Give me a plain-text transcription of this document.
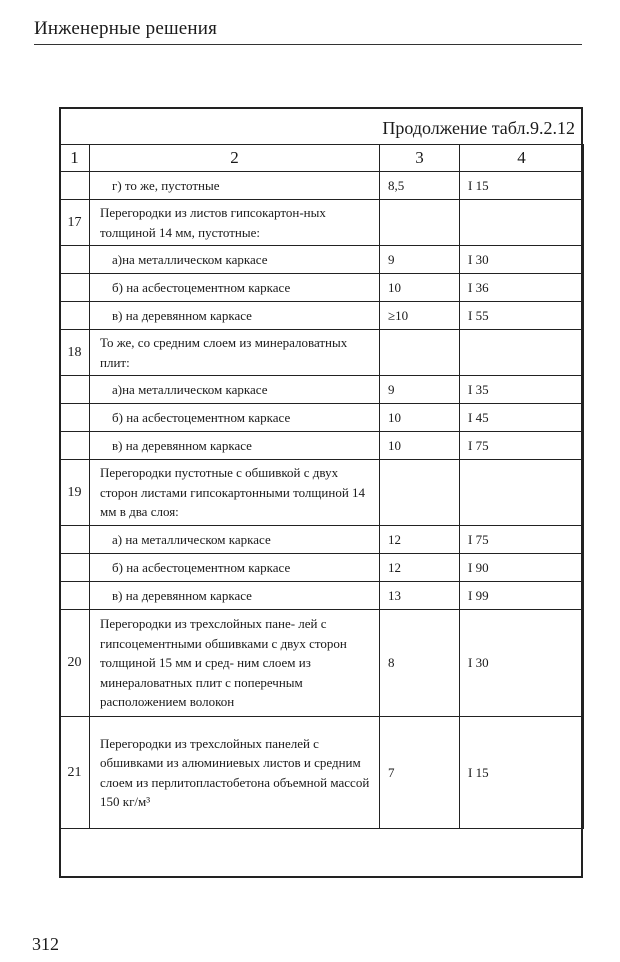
Инженерные решения
Продолжение табл.9.2.12
1	2	3	4
	г) то же, пустотные	8,5	I 15
17	Перегородки из листов гипсокартон-ных толщиной 14 мм, пустотные:		
	а)на металлическом каркасе	9	I 30
	б) на асбестоцементном каркасе	10	I 36
	в) на деревянном каркасе	≥10	I 55
18	То же, со средним слоем из минераловатных плит:		
	а)на металлическом каркасе	9	I 35
	б) на асбестоцементном каркасе	10	I 45
	в) на деревянном каркасе	10	I 75
19	Перегородки пустотные с обшивкой с двух сторон листами гипсокартонными толщиной 14 мм в два слоя:		
	а) на металлическом каркасе	12	I 75
	б) на асбестоцементном каркасе	12	I 90
	в) на деревянном каркасе	13	I 99
20	Перегородки из трехслойных пане- лей с гипсоцементными обшивками с двух сторон толщиной 15 мм и сред- ним слоем из минераловатных плит с поперечным расположением волокон	8	I 30
21	Перегородки из трехслойных панелей с обшивками из алюминиевых листов и средним слоем из перлитопластобетона объемной массой 150 кг/м³	7	I 15
312
